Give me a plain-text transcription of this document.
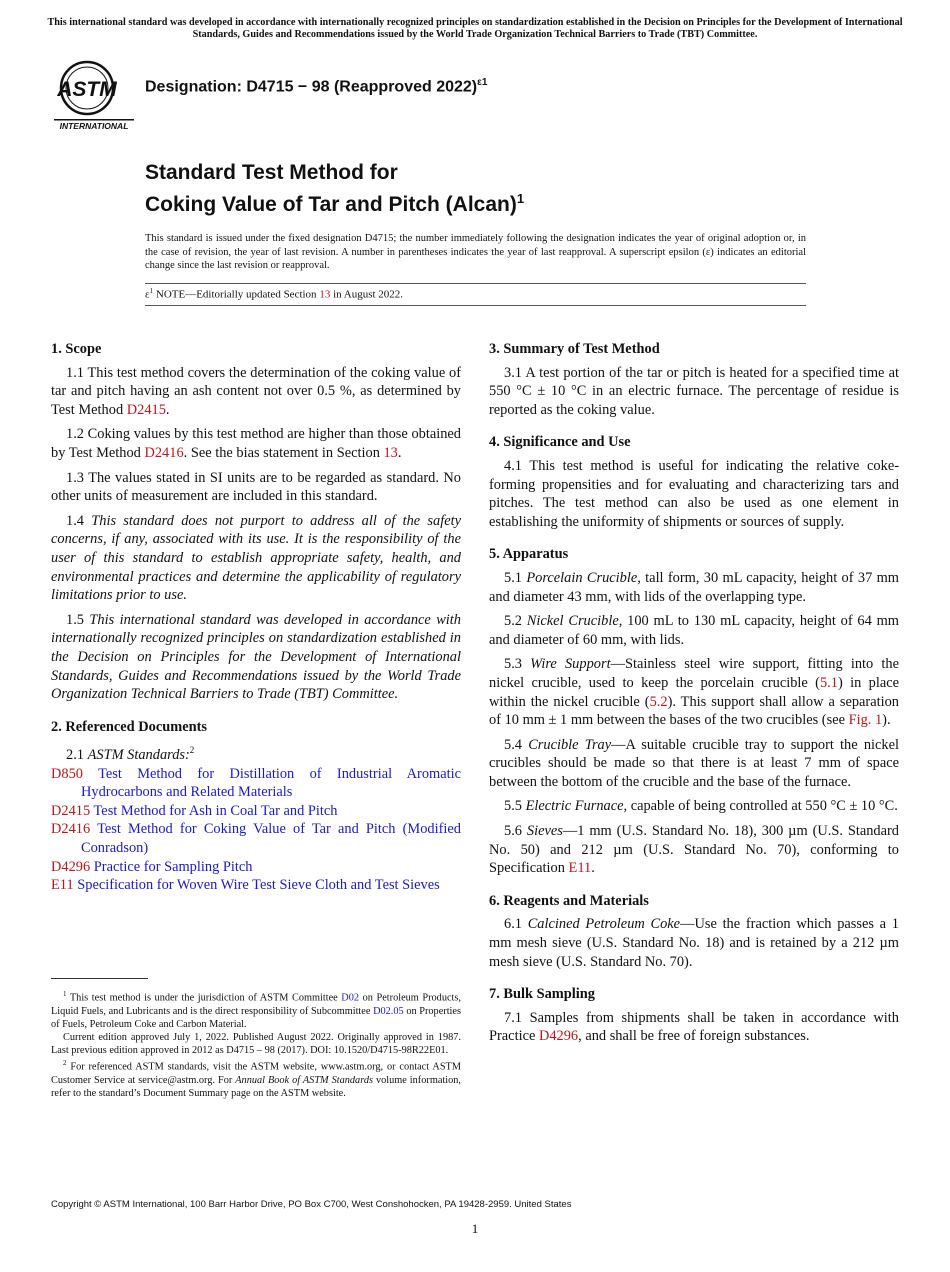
This international standard was developed in accordance with internationally recognized principles on standardization established in the Decision on Principles for the Development of International Standards, Guides and Recommendations issued by the World Trade Organization Technical Barriers to Trade (TBT) Committee.
ASTM
INTERNATIONAL
Designation: D4715 − 98 (Reapproved 2022)$^{\varepsilon 1}$
Standard Test Method for
Coking Value of Tar and Pitch (Alcan)$^1$
This standard is issued under the fixed designation D4715; the number immediately following the designation indicates the year of original adoption or, in the case of revision, the year of last revision. A number in parentheses indicates the year of last reapproval. A superscript epsilon (ε) indicates an editorial change since the last revision or reapproval.
$\varepsilon^1$ NOTE—Editorially updated Section 13 in August 2022.
1. Scope

1.1 This test method covers the determination of the coking value of tar and pitch having an ash content not over 0.5 %, as determined by Test Method D2415.

1.2 Coking values by this test method are higher than those obtained by Test Method D2416. See the bias statement in Section 13.

1.3 The values stated in SI units are to be regarded as standard. No other units of measurement are included in this standard.

1.4 This standard does not purport to address all of the safety concerns, if any, associated with its use. It is the responsibility of the user of this standard to establish appropriate safety, health, and environmental practices and determine the applicability of regulatory limitations prior to use.

1.5 This international standard was developed in accordance with internationally recognized principles on standardization established in the Decision on Principles for the Development of International Standards, Guides and Recommendations issued by the World Trade Organization Technical Barriers to Trade (TBT) Committee.

2. Referenced Documents

2.1 ASTM Standards:$^2$

D850 Test Method for Distillation of Industrial Aromatic Hydrocarbons and Related Materials

D2415 Test Method for Ash in Coal Tar and Pitch

D2416 Test Method for Coking Value of Tar and Pitch (Modified Conradson)

D4296 Practice for Sampling Pitch

E11 Specification for Woven Wire Test Sieve Cloth and Test Sieves

$^1$ This test method is under the jurisdiction of ASTM Committee D02 on Petroleum Products, Liquid Fuels, and Lubricants and is the direct responsibility of Subcommittee D02.05 on Properties of Fuels, Petroleum Coke and Carbon Material.

Current edition approved July 1, 2022. Published August 2022. Originally approved in 1987. Last previous edition approved in 2012 as D4715 – 98 (2017). DOI: 10.1520/D4715-98R22E01.

$^2$ For referenced ASTM standards, visit the ASTM website, www.astm.org, or contact ASTM Customer Service at service@astm.org. For Annual Book of ASTM Standards volume information, refer to the standard’s Document Summary page on the ASTM website.

3. Summary of Test Method

3.1 A test portion of the tar or pitch is heated for a specified time at 550 °C ± 10 °C in an electric furnace. The percentage of residue is reported as the coking value.

4. Significance and Use

4.1 This test method is useful for indicating the relative coke-forming propensities and for evaluating and characterizing tars and pitches. The test method can also be used as one element in establishing the uniformity of shipments or sources of supply.

5. Apparatus

5.1 Porcelain Crucible, tall form, 30 mL capacity, height of 37 mm and diameter 43 mm, with lids of the overlapping type.

5.2 Nickel Crucible, 100 mL to 130 mL capacity, height of 64 mm and diameter of 60 mm, with lids.

5.3 Wire Support—Stainless steel wire support, fitting into the nickel crucible, used to keep the porcelain crucible (5.1) in place within the nickel crucible (5.2). This support shall allow a separation of 10 mm ± 1 mm between the bases of the two crucibles (see Fig. 1).

5.4 Crucible Tray—A suitable crucible tray to support the nickel crucibles should be made so that there is at least 7 mm of space between the bottom of the crucible and the base of the furnace.

5.5 Electric Furnace, capable of being controlled at 550 °C ± 10 °C.

5.6 Sieves—1 mm (U.S. Standard No. 18), 300 µm (U.S. Standard No. 50) and 212 µm (U.S. Standard No. 70), conforming to Specification E11.

6. Reagents and Materials

6.1 Calcined Petroleum Coke—Use the fraction which passes a 1 mm mesh sieve (U.S. Standard No. 18) and is retained by a 212 µm mesh sieve (U.S. Standard No. 70).

7. Bulk Sampling

7.1 Samples from shipments shall be taken in accordance with Practice D4296, and shall be free of foreign substances.

Copyright © ASTM International, 100 Barr Harbor Drive, PO Box C700, West Conshohocken, PA 19428-2959. United States
1
